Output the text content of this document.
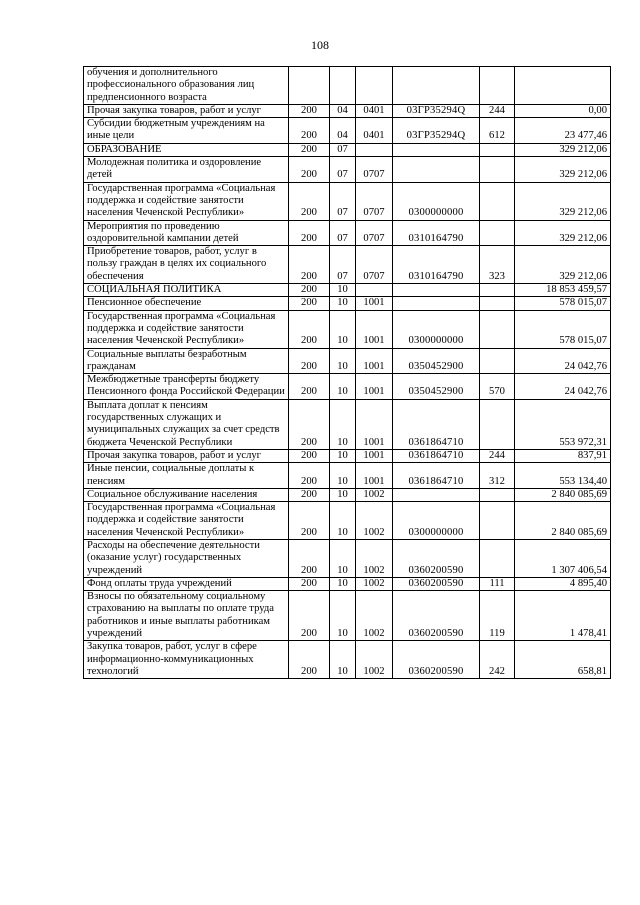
108
обучения и дополнительного профессионального образования лиц предпенсионного возраста						
Прочая закупка товаров, работ и услуг	200	04	0401	03ГР35294Q	244	0,00
Субсидии бюджетным учреждениям на иные цели	200	04	0401	03ГР35294Q	612	23 477,46
ОБРАЗОВАНИЕ	200	07				329 212,06
Молодежная политика и оздоровление детей	200	07	0707			329 212,06
Государственная программа «Социальная поддержка и содействие занятости населения Чеченской Республики»	200	07	0707	0300000000		329 212,06
Мероприятия по проведению оздоровительной кампании детей	200	07	0707	0310164790		329 212,06
Приобретение товаров, работ, услуг в пользу граждан в целях их социального обеспечения	200	07	0707	0310164790	323	329 212,06
СОЦИАЛЬНАЯ ПОЛИТИКА	200	10				18 853 459,57
Пенсионное обеспечение	200	10	1001			578 015,07
Государственная программа «Социальная поддержка и содействие занятости населения Чеченской Республики»	200	10	1001	0300000000		578 015,07
Социальные выплаты безработным гражданам	200	10	1001	0350452900		24 042,76
Межбюджетные трансферты бюджету Пенсионного фонда Российской Федерации	200	10	1001	0350452900	570	24 042,76
Выплата доплат к пенсиям государственных служащих и муниципальных служащих за счет средств бюджета Чеченской Республики	200	10	1001	0361864710		553 972,31
Прочая закупка товаров, работ и услуг	200	10	1001	0361864710	244	837,91
Иные пенсии, социальные доплаты к пенсиям	200	10	1001	0361864710	312	553 134,40
Социальное обслуживание населения	200	10	1002			2 840 085,69
Государственная программа «Социальная поддержка и содействие занятости населения Чеченской Республики»	200	10	1002	0300000000		2 840 085,69
Расходы на обеспечение деятельности (оказание услуг) государственных учреждений	200	10	1002	0360200590		1 307 406,54
Фонд оплаты труда учреждений	200	10	1002	0360200590	111	4 895,40
Взносы по обязательному социальному страхованию на выплаты по оплате труда работников и иные выплаты работникам учреждений	200	10	1002	0360200590	119	1 478,41
Закупка товаров, работ, услуг в сфере информационно-коммуникационных технологий	200	10	1002	0360200590	242	658,81
